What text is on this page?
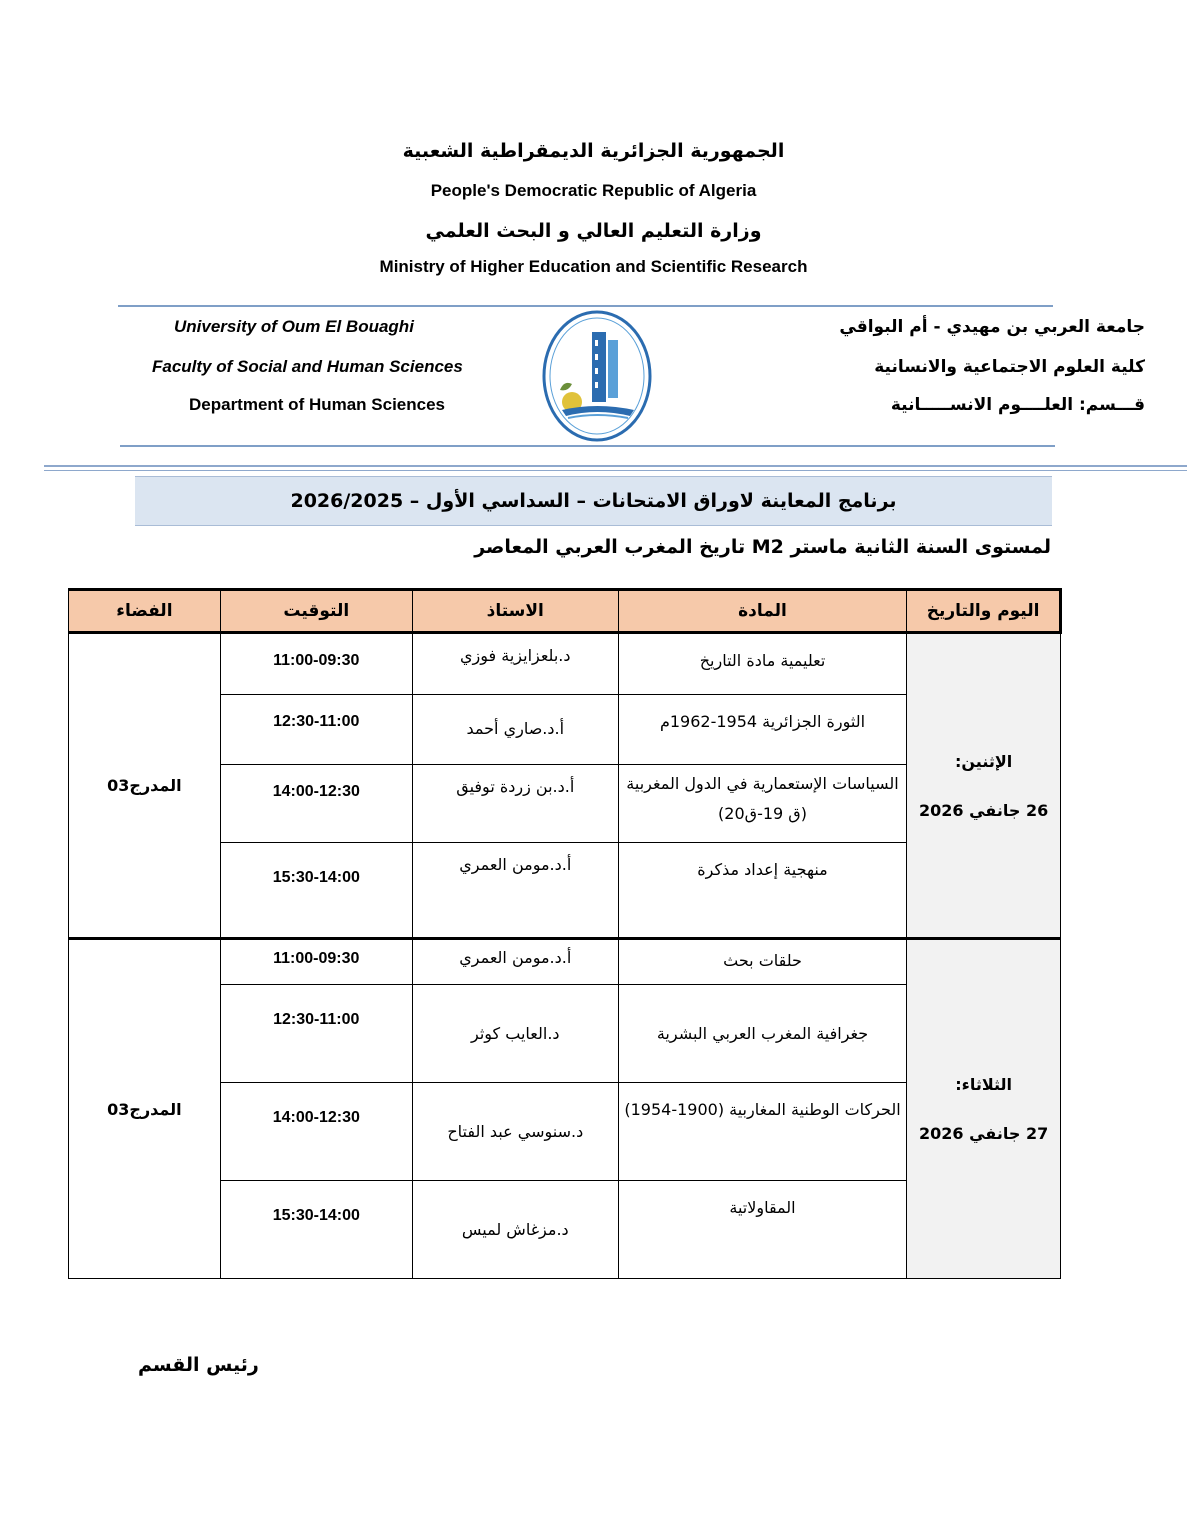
الجمهورية الجزائرية الديمقراطية الشعبية
People's Democratic Republic of Algeria
وزارة التعليم العالي و البحث العلمي
Ministry of Higher Education and Scientific Research
University of Oum El Bouaghi
Faculty of Social and Human Sciences
Department of Human Sciences
جامعة العربي بن مهيدي - أم البواقي
كلية العلوم الاجتماعية والانسانية
قـــسم: العلــــوم الانســـــانية
برنامج المعاينة لاوراق الامتحانات – السداسي الأول – 2026/2025
لمستوى السنة الثانية ماستر M2 تاريخ المغرب العربي المعاصر
اليوم والتاريخ	المادة	الاستاذ	التوقيت	الفضاء

الإثنين:
26 جانفي 2026	تعليمية مادة التاريخ	د.بلعزايزية فوزي	11:00-09:30	المدرج03
	الثورة الجزائرية 1954-1962م	أ.د.صاري أحمد	12:30-11:00	
	السياسات الإستعمارية في الدول المغربية (ق 19-ق20)	أ.د.بن زردة توفيق	14:00-12:30	
	منهجية إعداد مذكرة	أ.د.مومن العمري	15:30-14:00	

الثلاثاء:
27 جانفي 2026	حلقات بحث	أ.د.مومن العمري	11:00-09:30	المدرج03
	جغرافية المغرب العربي البشرية	د.العايب كوثر	12:30-11:00	
	الحركات الوطنية المغاربية (1900-1954)	د.سنوسي عبد الفتاح	14:00-12:30	
	المقاولاتية	د.مزغاش لميس	15:30-14:00	
رئيس القسم
